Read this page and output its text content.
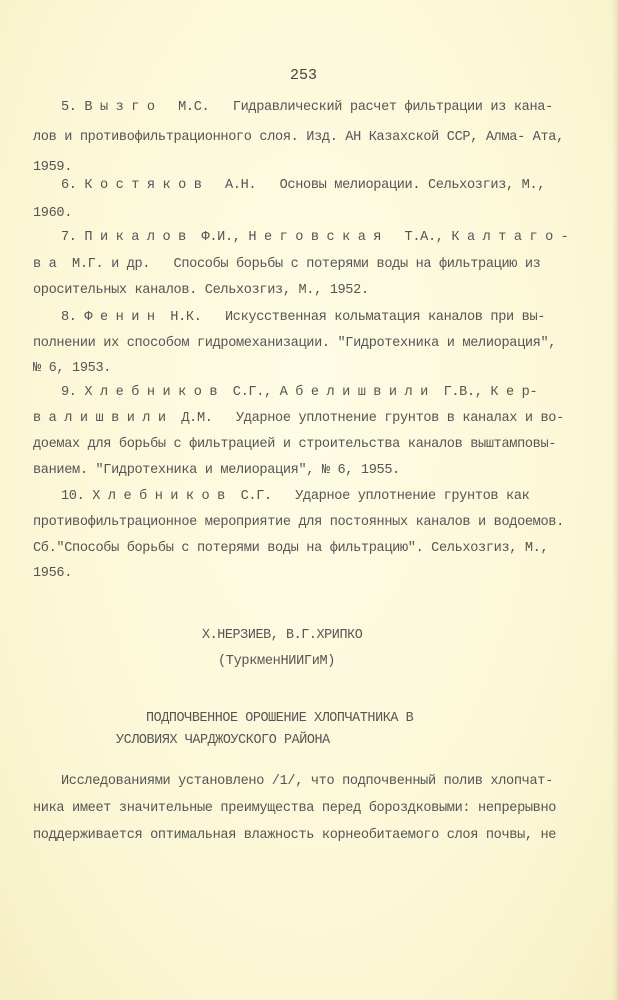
253
5. В ы з г о   М.С.   Гидравлический расчет фильтрации из кана-
лов и противофильтрационного слоя. Изд. АН Казахской ССР, Алма- Ата,
1959.
6. К о с т я к о в   А.Н.   Основы мелиорации. Сельхозгиз, М.,
1960.
7. П и к а л о в  Ф.И., Н е г о в с к а я   Т.А., К а л т а г о -
в а  М.Г. и др.   Способы борьбы с потерями воды на фильтрацию из
оросительных каналов. Сельхозгиз, М., 1952.
8. Ф е н и н  Н.К.   Искусственная кольматация каналов при вы-
полнении их способом гидромеханизации. "Гидротехника и мелиорация",
№ 6, 1953.
9. Х л е б н и к о в  С.Г., А б е л и ш в и л и  Г.В., К е р-
в а л и ш в и л и  Д.М.   Ударное уплотнение грунтов в каналах и во-
доемах для борьбы с фильтрацией и строительства каналов выштамповы-
ванием. "Гидротехника и мелиорация", № 6, 1955.
10. Х л е б н и к о в  С.Г.   Ударное уплотнение грунтов как
противофильтрационное мероприятие для постоянных каналов и водоемов.
Сб."Способы борьбы с потерями воды на фильтрацию". Сельхозгиз, М.,
1956.
Х.НЕРЗИЕВ, В.Г.ХРИПКО
(ТуркменНИИГиМ)
ПОДПОЧВЕННОЕ ОРОШЕНИЕ ХЛОПЧАТНИКА В
УСЛОВИЯХ ЧАРДЖОУСКОГО РАЙОНА
Исследованиями установлено /1/, что подпочвенный полив хлопчат-
ника имеет значительные преимущества перед бороздковыми: непрерывно
поддерживается оптимальная влажность корнеобитаемого слоя почвы, не
